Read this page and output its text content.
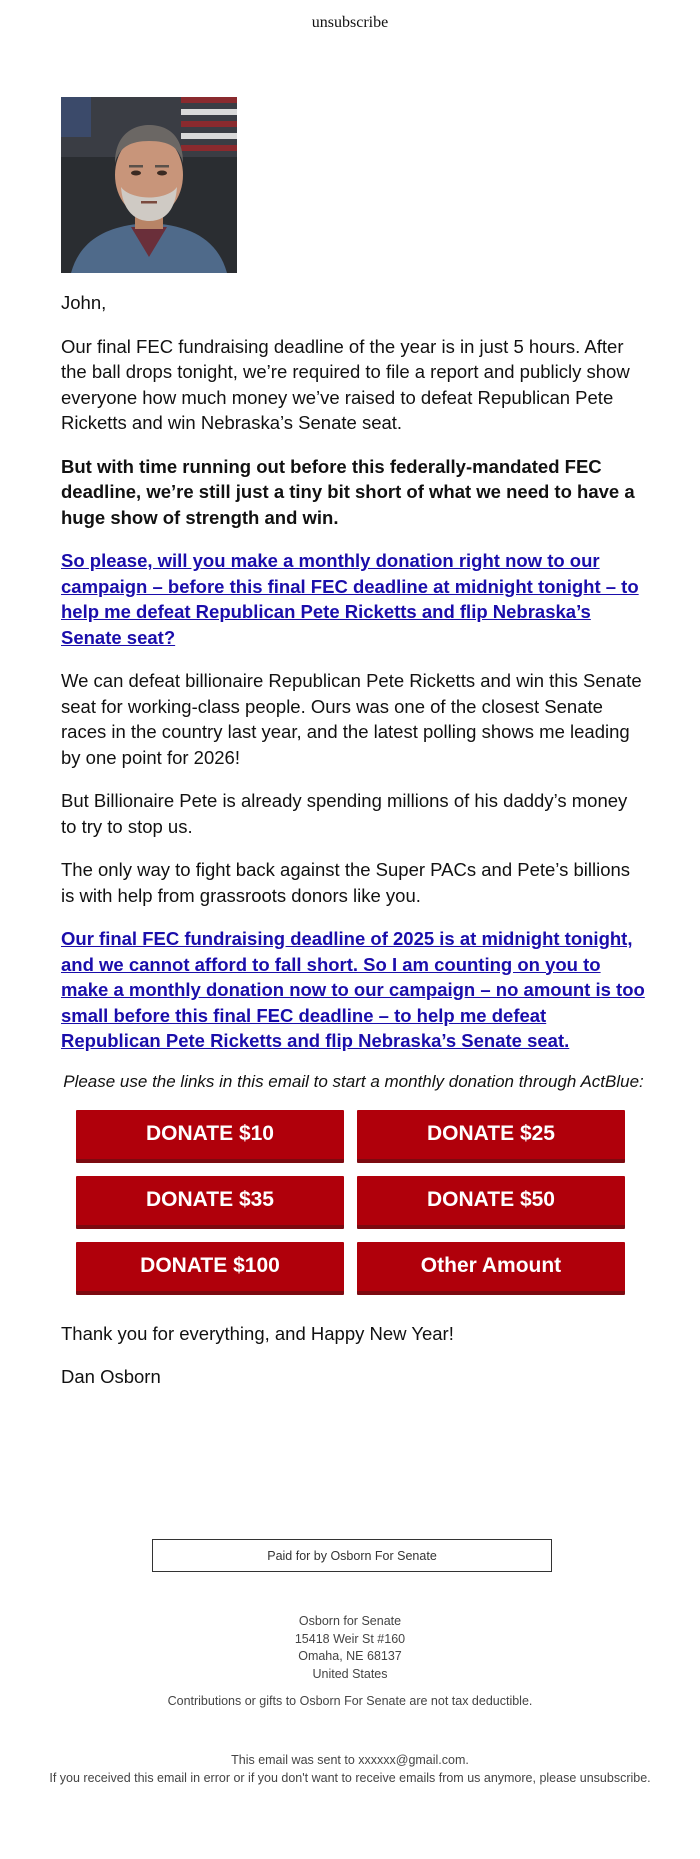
unsubscribe

John,

Our final FEC fundraising deadline of the year is in just 5 hours. After the ball drops tonight, we’re required to file a report and publicly show everyone how much money we’ve raised to defeat Republican Pete Ricketts and win Nebraska’s Senate seat.

But with time running out before this federally-mandated FEC deadline, we’re still just a tiny bit short of what we need to have a huge show of strength and win.

So please, will you make a monthly donation right now to our campaign – before this final FEC deadline at midnight tonight – to help me defeat Republican Pete Ricketts and flip Nebraska’s Senate seat?

We can defeat billionaire Republican Pete Ricketts and win this Senate seat for working-class people. Ours was one of the closest Senate races in the country last year, and the latest polling shows me leading by one point for 2026!

But Billionaire Pete is already spending millions of his daddy’s money to try to stop us.

The only way to fight back against the Super PACs and Pete’s billions is with help from grassroots donors like you.

Our final FEC fundraising deadline of 2025 is at midnight tonight, and we cannot afford to fall short. So I am counting on you to make a monthly donation now to our campaign – no amount is too small before this final FEC deadline – to help me defeat Republican Pete Ricketts and flip Nebraska’s Senate seat.

Please use the links in this email to start a monthly donation through ActBlue:

DONATE $10	DONATE $25
DONATE $35	DONATE $50
DONATE $100	Other Amount

Thank you for everything, and Happy New Year!

Dan Osborn

Paid for by Osborn For Senate
Osborn for Senate
15418 Weir St #160
Omaha, NE 68137
United States
Contributions or gifts to Osborn For Senate are not tax deductible.
This email was sent to xxxxxx@gmail.com.
If you received this email in error or if you don't want to receive emails from us anymore, please unsubscribe.
